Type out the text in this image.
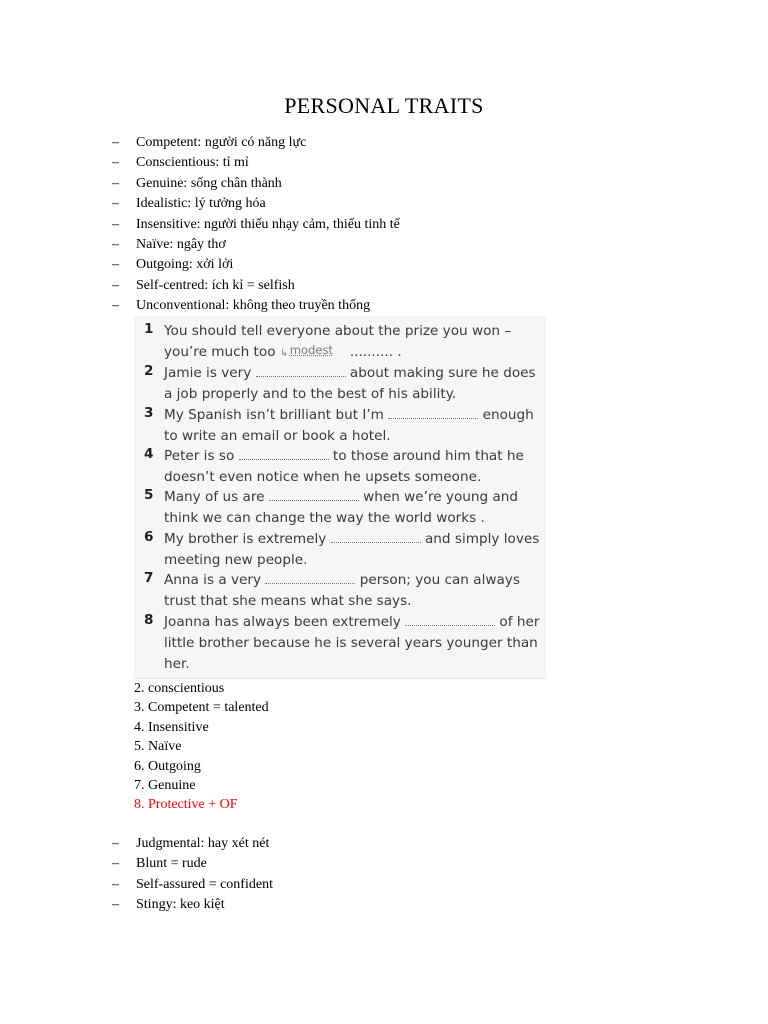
PERSONAL TRAITS
– Competent: người có năng lực
– Conscientious: tỉ mỉ
– Genuine: sống chân thành
– Idealistic: lý tưởng hóa
– Insensitive: người thiếu nhạy cảm, thiếu tinh tế
– Naïve: ngây thơ
– Outgoing: xởi lởi
– Self-centred: ích kỉ = selfish
– Unconventional: không theo truyền thống
1 You should tell everyone about the prize you won – you’re much too ↳ modest .......... .
2 Jamie is very	about making sure he does a job properly and to the best of his ability.
3 My Spanish isn’t brilliant but I’m	enough to write an email or book a hotel.
4 Peter is so	to those around him that he doesn’t even notice when he upsets someone.
5 Many of us are	when we’re young and think we can change the way the world works .
6 My brother is extremely	and simply loves meeting new people.
7 Anna is a very	person; you can always trust that she means what she says.
8 Joanna has always been extremely	of her little brother because he is several years younger than her.
2. conscientious
3. Competent = talented
4. Insensitive
5. Naïve
6. Outgoing
7. Genuine
8. Protective + OF
– Judgmental: hay xét nét
– Blunt = rude
– Self-assured = confident
– Stingy: keo kiệt
